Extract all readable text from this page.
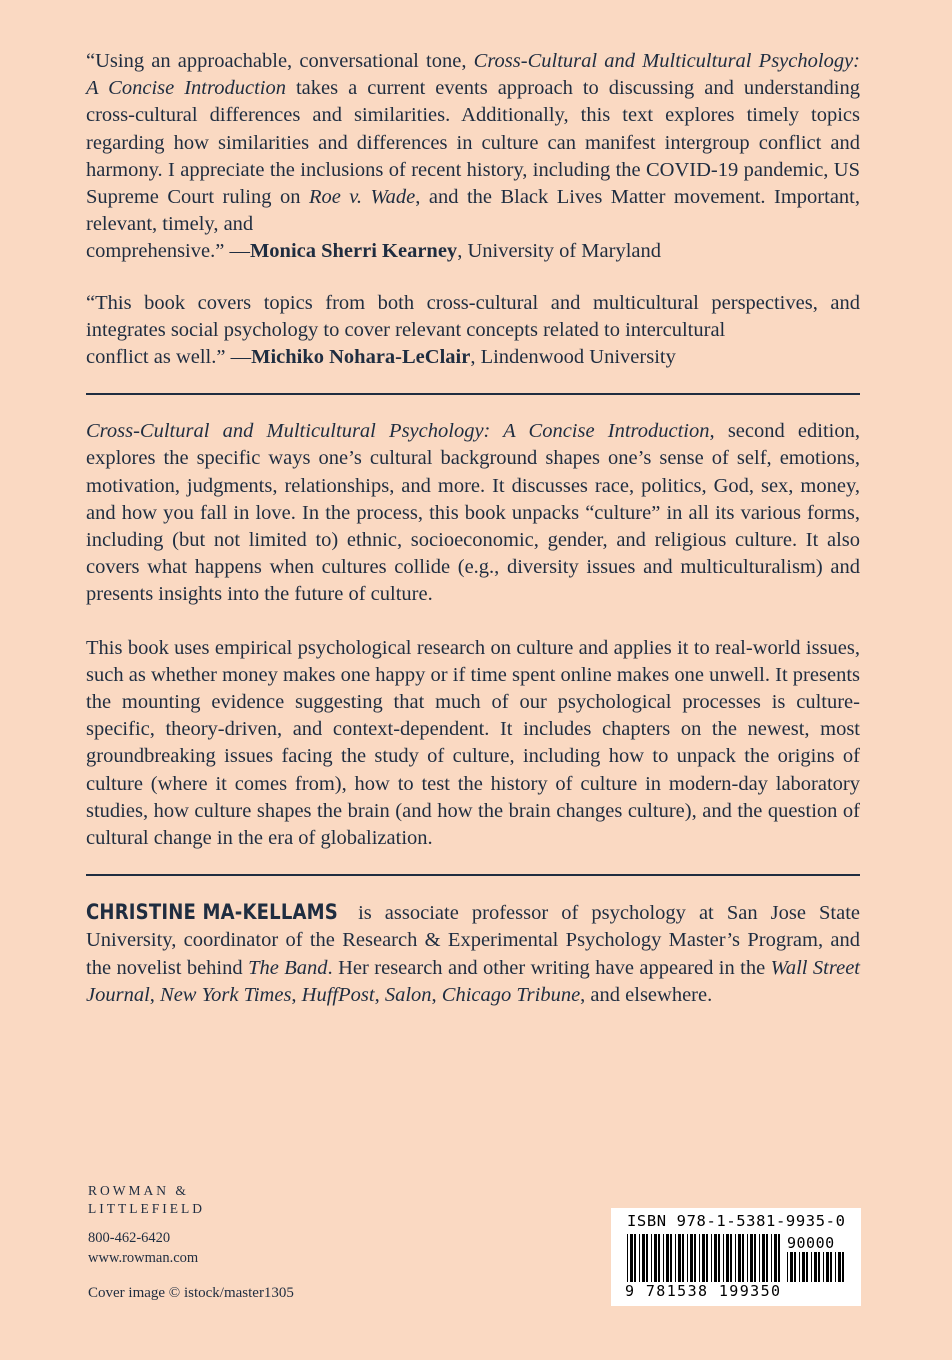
“Using an approachable, conversational tone, Cross-Cultural and Multicultural Psychology: A Concise Introduction takes a current events approach to discussing and understanding cross-cultural differences and similarities. Additionally, this text explores timely topics regarding how similarities and differences in culture can manifest intergroup conflict and harmony. I appreciate the inclusions of recent history, including the COVID-19 pandemic, US Supreme Court ruling on Roe v. Wade, and the Black Lives Matter movement. Important, relevant, timely, and

comprehensive.” —Monica Sherri Kearney, University of Maryland

“This book covers topics from both cross-cultural and multicultural perspectives, and integrates social psychology to cover relevant concepts related to intercultural

conflict as well.” —Michiko Nohara-LeClair, Lindenwood University

Cross-Cultural and Multicultural Psychology: A Concise Introduction, second edition, explores the specific ways one’s cultural background shapes one’s sense of self, emotions, motivation, judgments, relationships, and more. It discusses race, politics, God, sex, money, and how you fall in love. In the process, this book unpacks “culture” in all its various forms, including (but not limited to) ethnic, socioeconomic, gender, and religious culture. It also covers what happens when cultures collide (e.g., diversity issues and multiculturalism) and presents insights into the future of culture.

This book uses empirical psychological research on culture and applies it to real-world issues, such as whether money makes one happy or if time spent online makes one unwell. It presents the mounting evidence suggesting that much of our psychological processes is culture-specific, theory-driven, and context-dependent. It includes chapters on the newest, most groundbreaking issues facing the study of culture, including how to unpack the origins of culture (where it comes from), how to test the history of culture in modern-day laboratory studies, how culture shapes the brain (and how the brain changes culture), and the question of cultural change in the era of globalization.

CHRISTINE MA-KELLAMS is associate professor of psychology at San Jose State University, coordinator of the Research & Experimental Psychology Master’s Program, and the novelist behind The Band. Her research and other writing have appeared in the Wall Street Journal, New York Times, HuffPost, Salon, Chicago Tribune, and elsewhere.

ROWMAN &
LITTLEFIELD
800-462-6420
www.rowman.com
Cover image © istock/master1305
ISBN 978-1-5381-9935-0
90000
9 781538 199350
